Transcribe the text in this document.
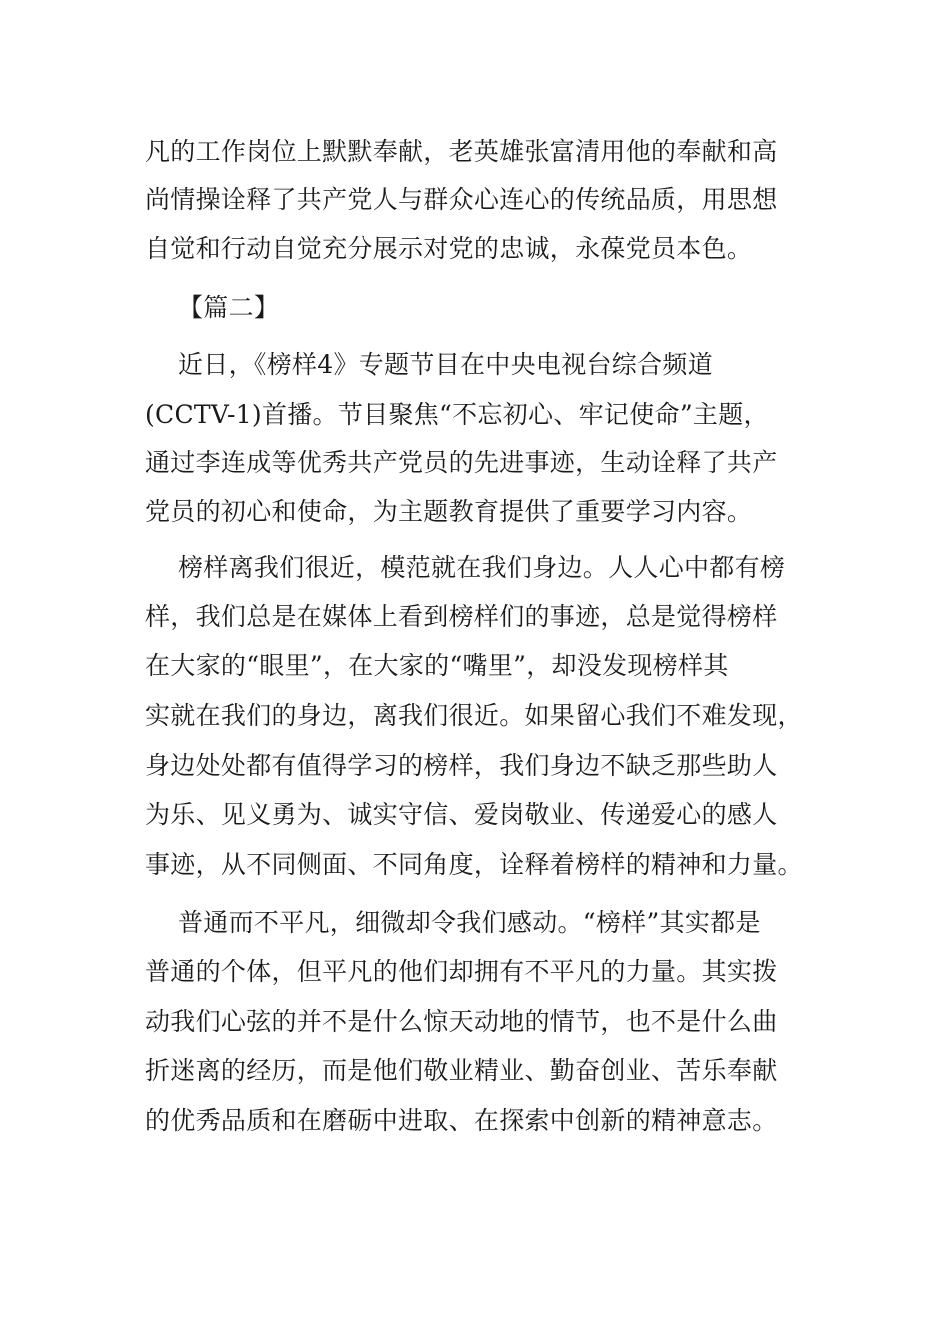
凡的工作岗位上默默奉献，老英雄张富清用他的奉献和高
尚情操诠释了共产党人与群众心连心的传统品质，用思想
自觉和行动自觉充分展示对党的忠诚，永葆党员本色。
【篇二】
近日，《榜样4》专题节目在中央电视台综合频道
(CCTV-1)首播。节目聚焦“不忘初心、牢记使命”主题，
通过李连成等优秀共产党员的先进事迹，生动诠释了共产
党员的初心和使命，为主题教育提供了重要学习内容。
榜样离我们很近，模范就在我们身边。人人心中都有榜
样，我们总是在媒体上看到榜样们的事迹，总是觉得榜样
在大家的“眼里”，在大家的“嘴里”，却没发现榜样其
实就在我们的身边，离我们很近。如果留心我们不难发现，
身边处处都有值得学习的榜样，我们身边不缺乏那些助人
为乐、见义勇为、诚实守信、爱岗敬业、传递爱心的感人
事迹，从不同侧面、不同角度，诠释着榜样的精神和力量。
普通而不平凡，细微却令我们感动。“榜样”其实都是
普通的个体，但平凡的他们却拥有不平凡的力量。其实拨
动我们心弦的并不是什么惊天动地的情节，也不是什么曲
折迷离的经历，而是他们敬业精业、勤奋创业、苦乐奉献
的优秀品质和在磨砺中进取、在探索中创新的精神意志。
